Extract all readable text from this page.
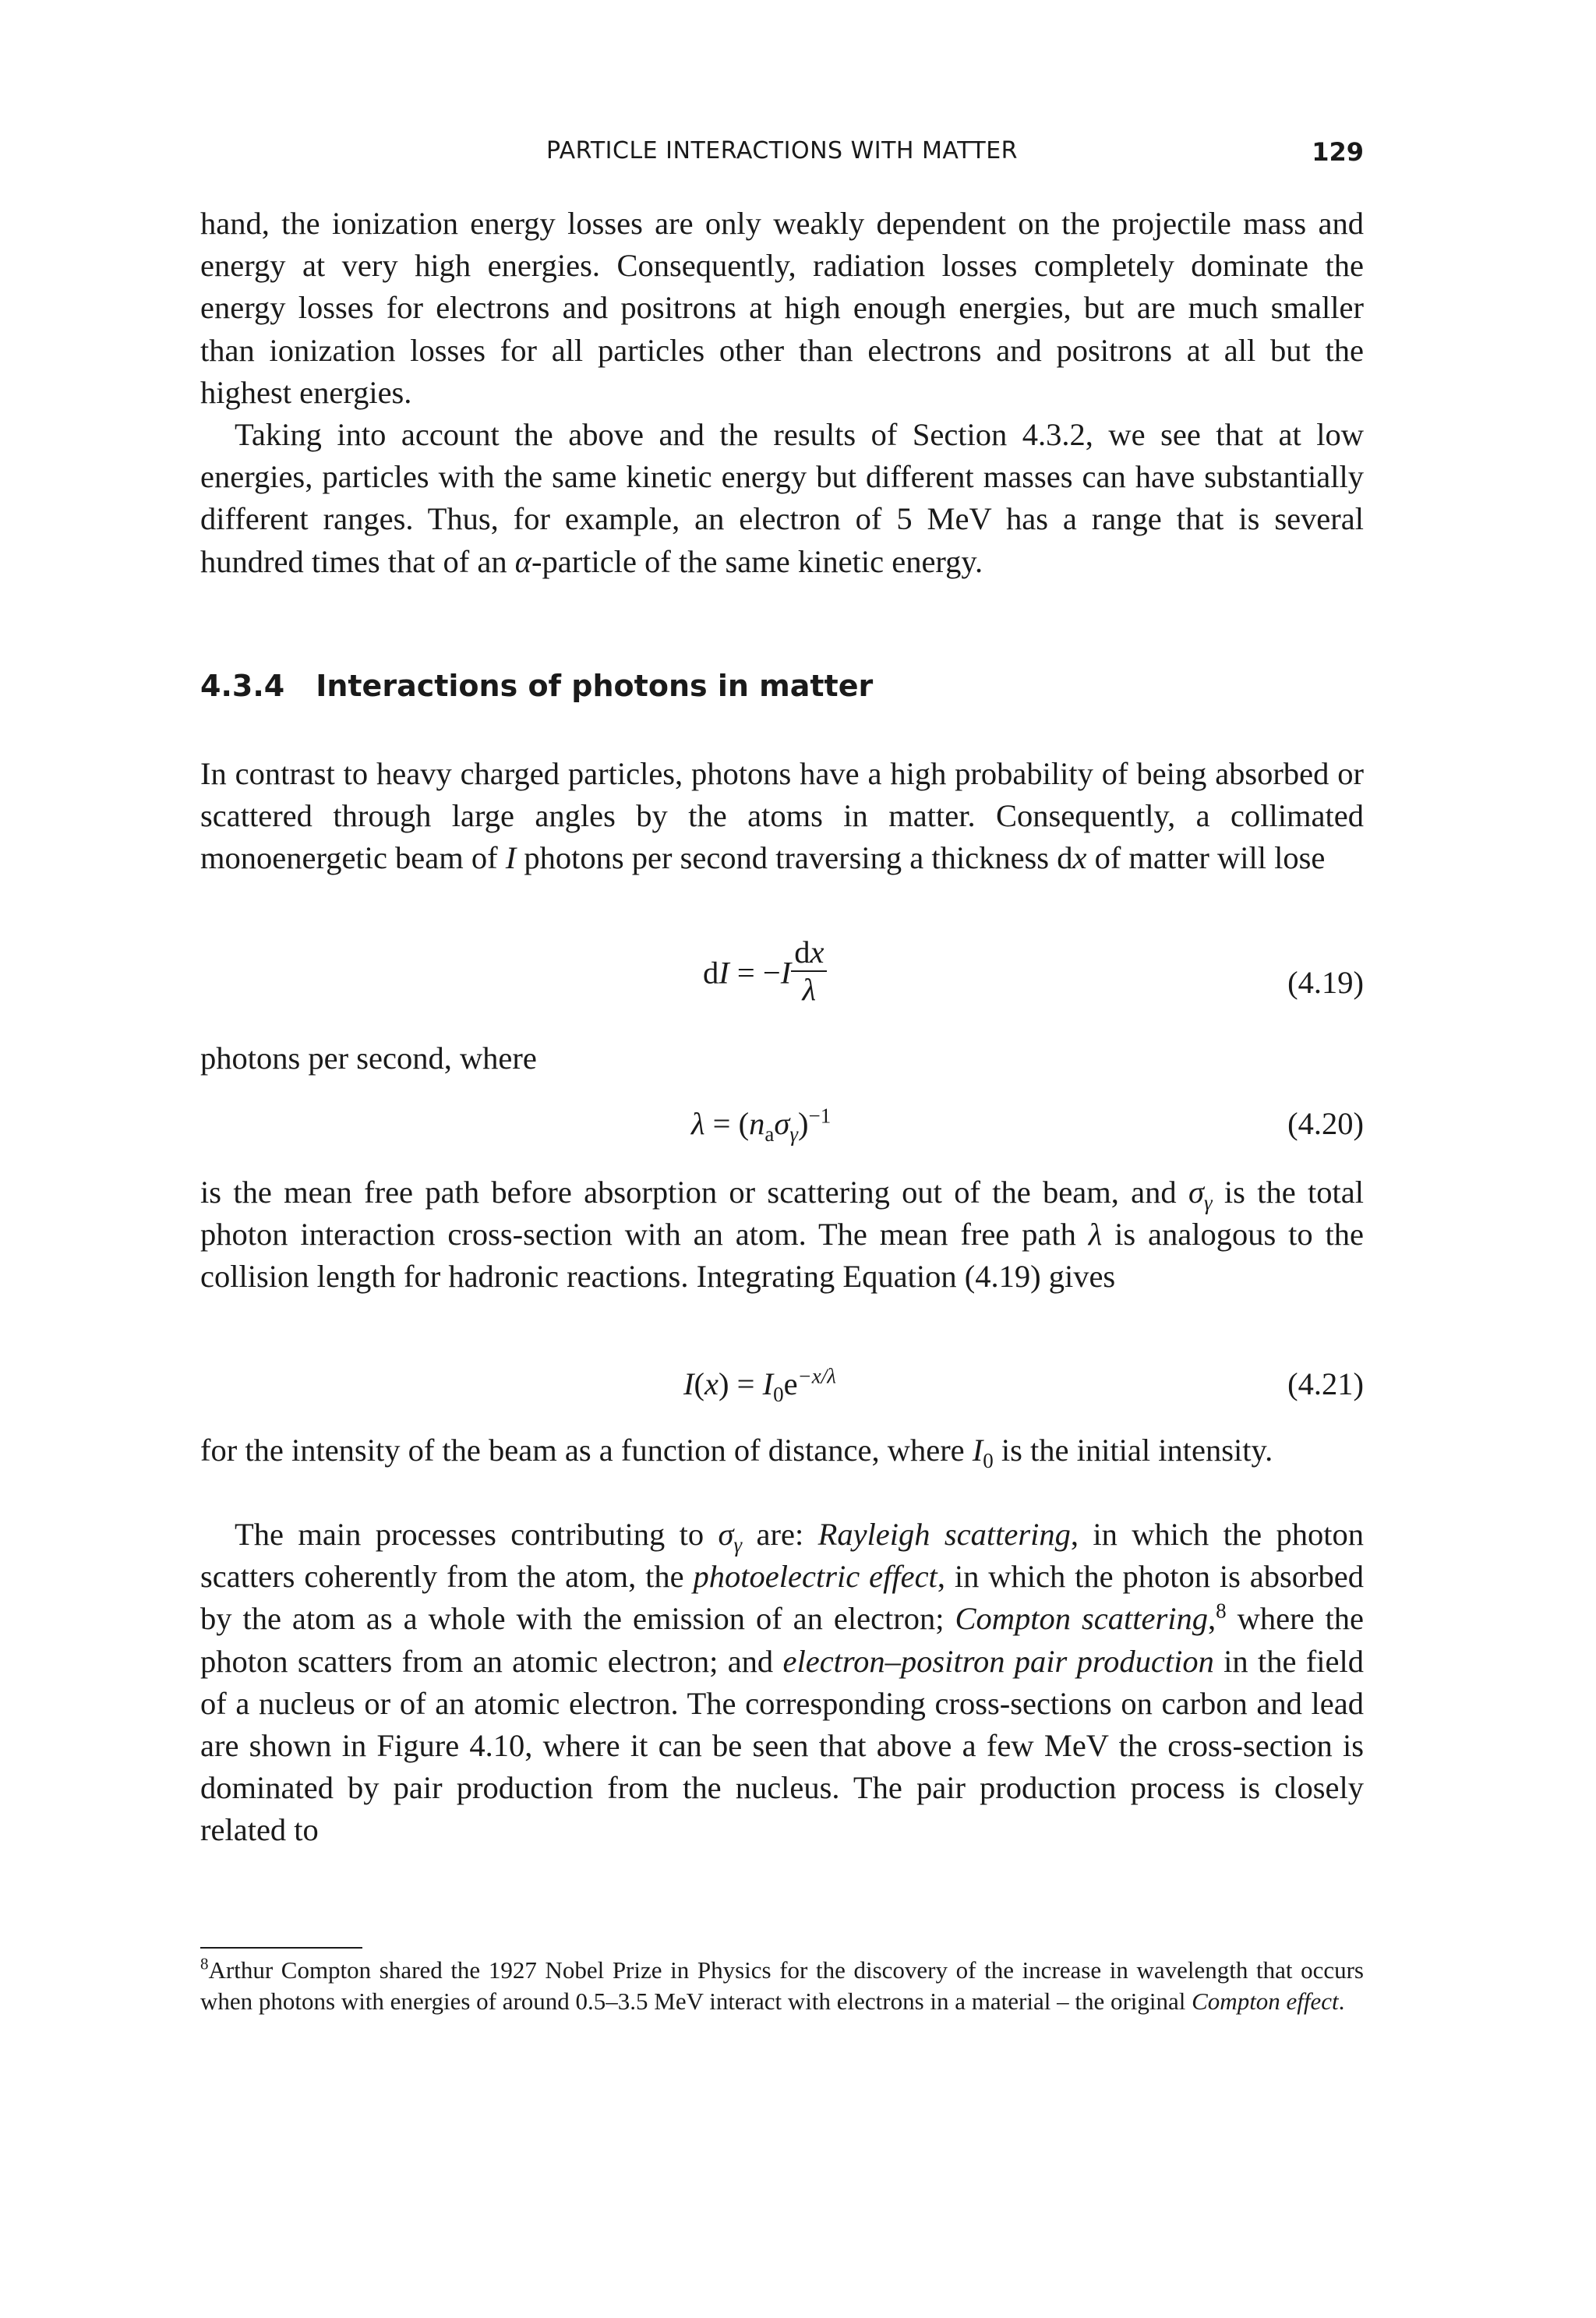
PARTICLE INTERACTIONS WITH MATTER	129

hand, the ionization energy losses are only weakly dependent on the projectile mass and energy at very high energies. Consequently, radiation losses completely dominate the energy losses for electrons and positrons at high enough energies, but are much smaller than ionization losses for all particles other than electrons and positrons at all but the highest energies.

Taking into account the above and the results of Section 4.3.2, we see that at low energies, particles with the same kinetic energy but different masses can have substantially different ranges. Thus, for example, an electron of 5 MeV has a range that is several hundred times that of an α-particle of the same kinetic energy.

4.3.4 Interactions of photons in matter

In contrast to heavy charged particles, photons have a high probability of being absorbed or scattered through large angles by the atoms in matter. Consequently, a collimated monoenergetic beam of I photons per second traversing a thickness dx of matter will lose

dI = $-I \frac{dx}{\lambda}$	(4.19)

photons per second, where

$\lambda = (n_a\sigma_\gamma)^{-1}$	(4.20)

is the mean free path before absorption or scattering out of the beam, and $\sigma_\gamma$ is the total photon interaction cross-section with an atom. The mean free path λ is analogous to the collision length for hadronic reactions. Integrating Equation (4.19) gives

$I(x) = I_0e^{-x/\lambda}$	(4.21)

for the intensity of the beam as a function of distance, where $I_0$ is the initial intensity.

The main processes contributing to $\sigma_\gamma$ are: Rayleigh scattering, in which the photon scatters coherently from the atom, the photoelectric effect, in which the photon is absorbed by the atom as a whole with the emission of an electron; Compton scattering,$^8$ where the photon scatters from an atomic electron; and electron–positron pair production in the field of a nucleus or of an atomic electron. The corresponding cross-sections on carbon and lead are shown in Figure 4.10, where it can be seen that above a few MeV the cross-section is dominated by pair production from the nucleus. The pair production process is closely related to

$^8$Arthur Compton shared the 1927 Nobel Prize in Physics for the discovery of the increase in wavelength that occurs when photons with energies of around 0.5–3.5 MeV interact with electrons in a material – the original Compton effect.
